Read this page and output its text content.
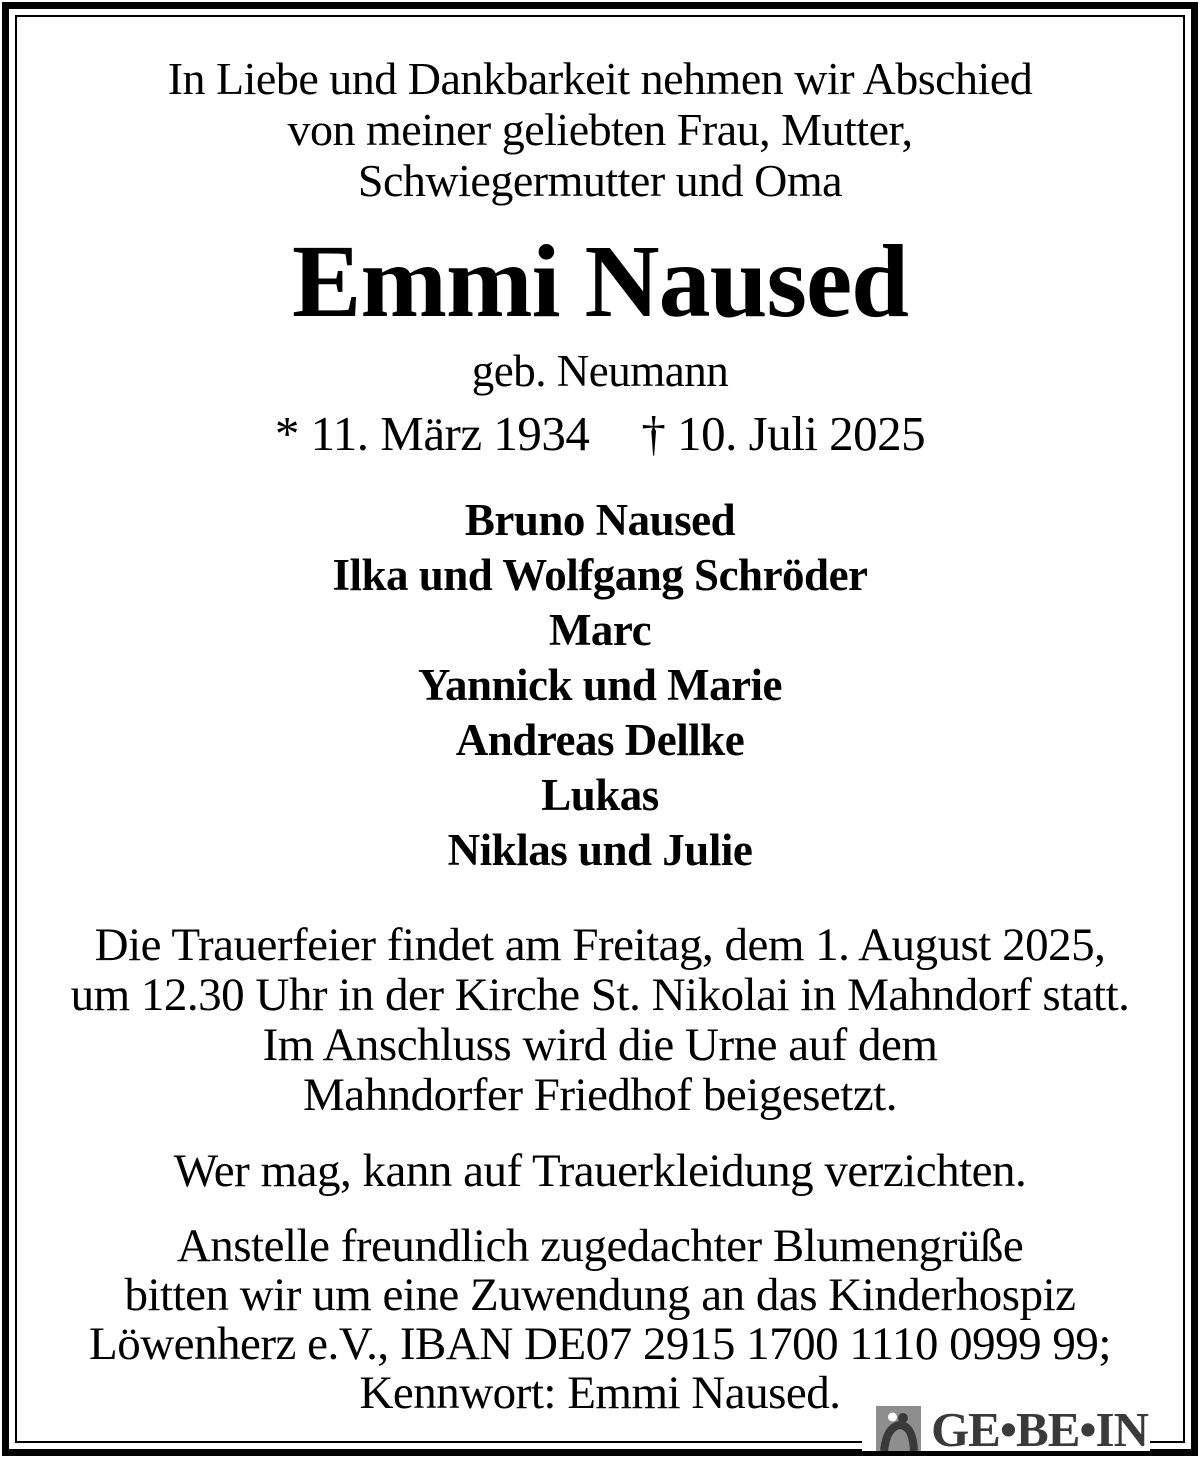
In Liebe und Dankbarkeit nehmen wir Abschied
von meiner geliebten Frau, Mutter,
Schwiegermutter und Oma
Emmi Naused
geb. Neumann
* 11. März 1934 † 10. Juli 2025
Bruno Naused
Ilka und Wolfgang Schröder
Marc
Yannick und Marie
Andreas Dellke
Lukas
Niklas und Julie
Die Trauerfeier findet am Freitag, dem 1. August 2025,
um 12.30 Uhr in der Kirche St. Nikolai in Mahndorf statt.
Im Anschluss wird die Urne auf dem
Mahndorfer Friedhof beigesetzt.
Wer mag, kann auf Trauerkleidung verzichten.
Anstelle freundlich zugedachter Blumengrüße
bitten wir um eine Zuwendung an das Kinderhospiz
Löwenherz e.V., IBAN DE07 2915 1700 1110 0999 99;
Kennwort: Emmi Naused.
GE•BE•IN
